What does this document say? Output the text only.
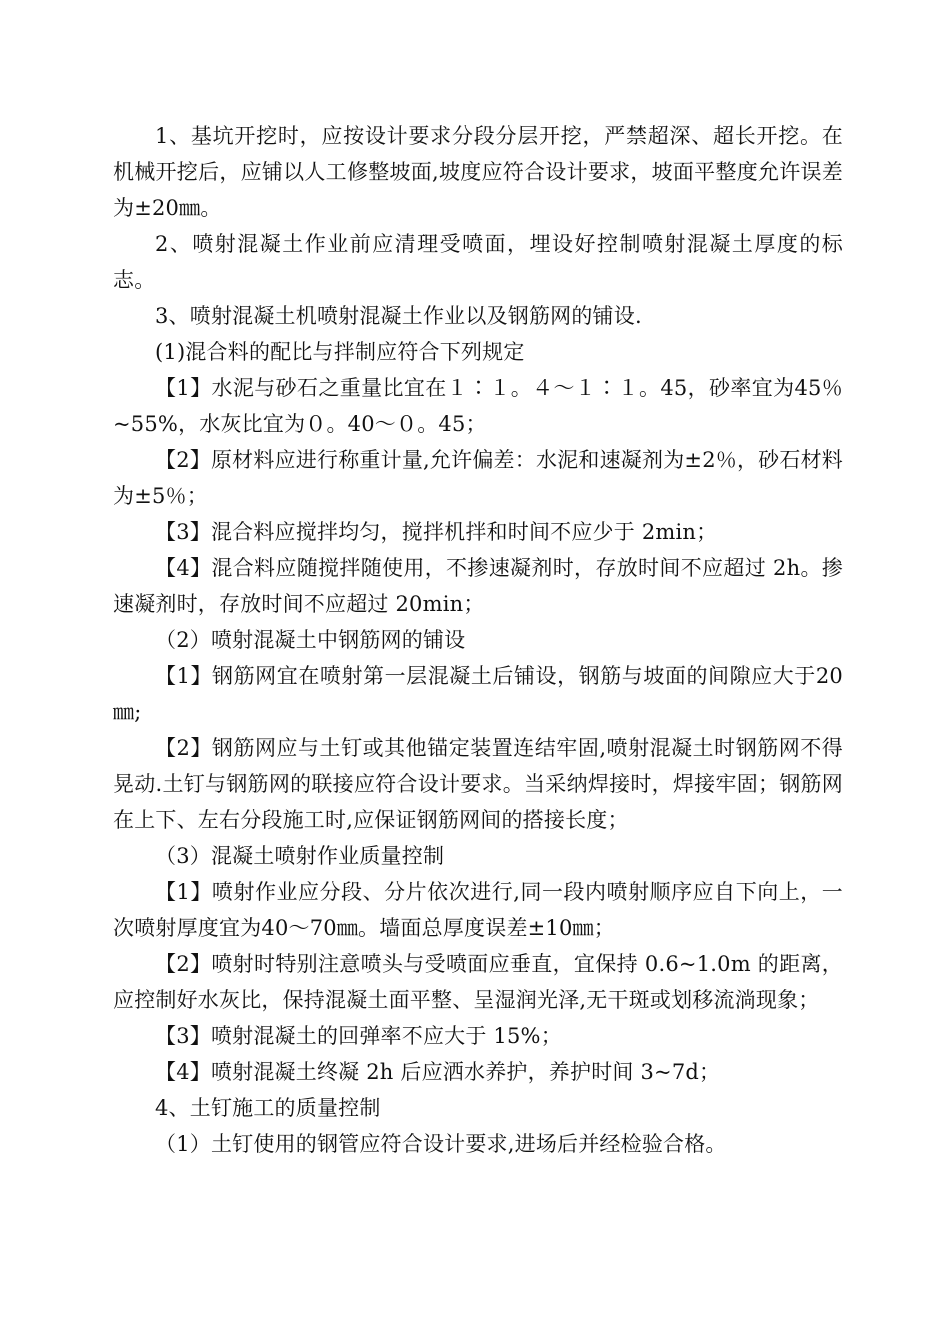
1、基坑开挖时，应按设计要求分段分层开挖，严禁超深、超长开挖。在机械开挖后，应铺以人工修整坡面,坡度应符合设计要求，坡面平整度允许误差为±20㎜。

2、喷射混凝土作业前应清理受喷面，埋设好控制喷射混凝土厚度的标志。

3、喷射混凝土机喷射混凝土作业以及钢筋网的铺设.

(1)混合料的配比与拌制应符合下列规定

【1】水泥与砂石之重量比宜在１∶１。４～１∶１。45，砂率宜为45％~55%，水灰比宜为０。40～０。45；

【2】原材料应进行称重计量,允许偏差：水泥和速凝剂为±2％，砂石材料为±5％；

【3】混合料应搅拌均匀，搅拌机拌和时间不应少于 2min；

【4】混合料应随搅拌随使用，不掺速凝剂时，存放时间不应超过 2h。掺速凝剂时，存放时间不应超过 20min；

（2）喷射混凝土中钢筋网的铺设

【1】钢筋网宜在喷射第一层混凝土后铺设，钢筋与坡面的间隙应大于20㎜;

【2】钢筋网应与土钉或其他锚定装置连结牢固,喷射混凝土时钢筋网不得晃动.土钉与钢筋网的联接应符合设计要求。当采纳焊接时，焊接牢固；钢筋网在上下、左右分段施工时,应保证钢筋网间的搭接长度；

（3）混凝土喷射作业质量控制

【1】喷射作业应分段、分片依次进行,同一段内喷射顺序应自下向上，一次喷射厚度宜为40～70㎜。墙面总厚度误差±10㎜；

【2】喷射时特别注意喷头与受喷面应垂直，宜保持 0.6~1.0m 的距离，应控制好水灰比，保持混凝土面平整、呈湿润光泽,无干斑或划移流淌现象；

【3】喷射混凝土的回弹率不应大于 15%；

【4】喷射混凝土终凝 2h 后应洒水养护，养护时间 3~7d；

4、土钉施工的质量控制

（1）土钉使用的钢管应符合设计要求,进场后并经检验合格。
